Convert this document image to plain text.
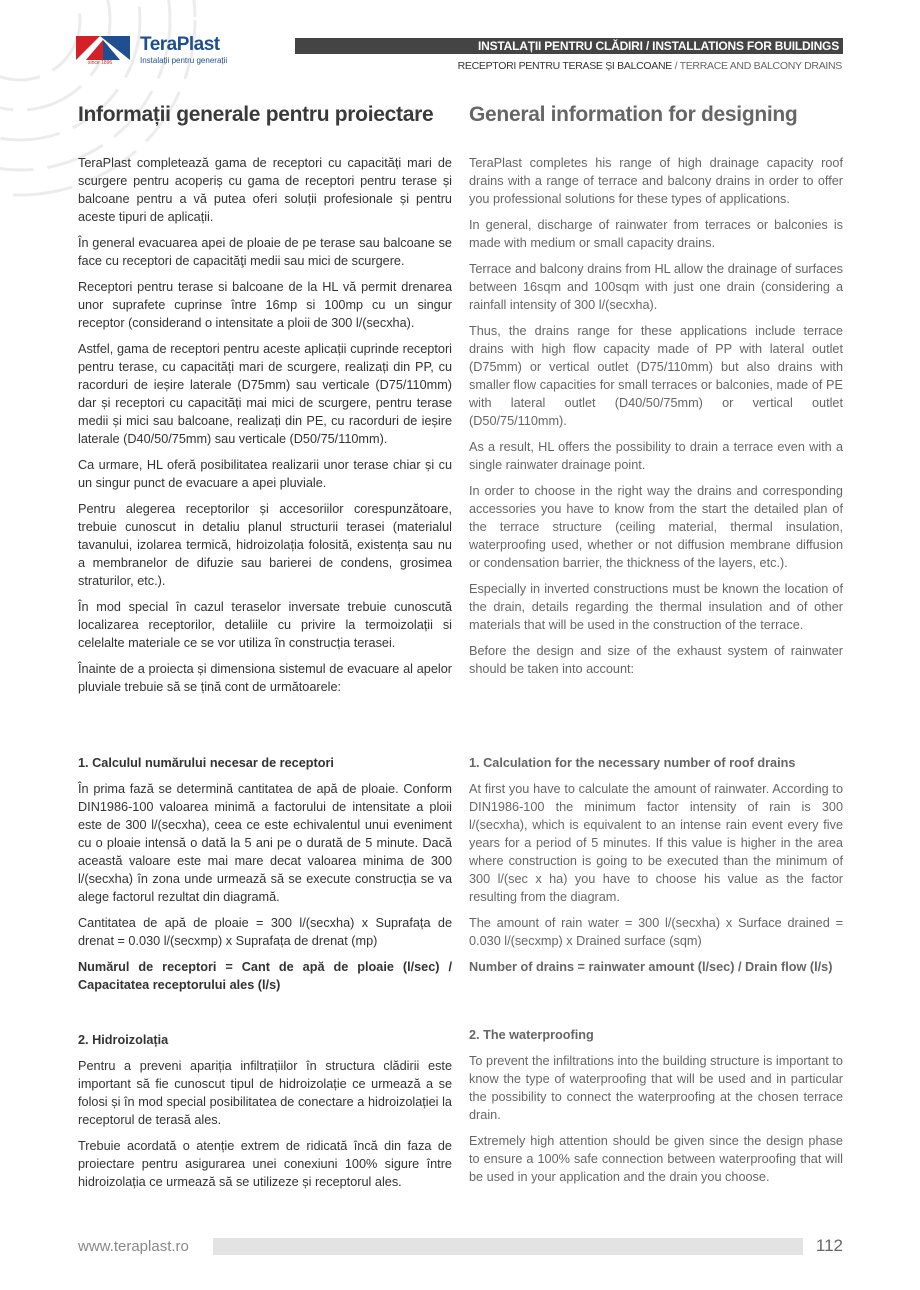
TeraPlast
Instalații pentru generații
since 1896
INSTALAȚII PENTRU CLĂDIRI / INSTALLATIONS FOR BUILDINGS
RECEPTORI PENTRU TERASE ȘI BALCOANE / TERRACE AND BALCONY DRAINS
Informații generale pentru proiectare	General information for designing

TeraPlast completează gama de receptori cu capacități mari de scurgere pentru acoperiș cu gama de receptori pentru terase și balcoane pentru a vă putea oferi soluții profesionale și pentru aceste tipuri de aplicații.

În general evacuarea apei de ploaie de pe terase sau balcoane se face cu receptori de capacităţi medii sau mici de scurgere.

Receptori pentru terase si balcoane de la HL vă permit drenarea unor suprafete cuprinse între 16mp si 100mp cu un singur receptor (considerand o intensitate a ploii de 300 l/(secxha).

Astfel, gama de receptori pentru aceste aplicații cuprinde receptori pentru terase, cu capacități mari de scurgere, realizați din PP, cu racorduri de ieșire laterale (D75mm) sau verticale (D75/110mm) dar și receptori cu capacități mai mici de scurgere, pentru terase medii și mici sau balcoane, realizați din PE, cu racorduri de ieșire laterale (D40/50/75mm) sau verticale (D50/75/110mm).

Ca urmare, HL oferă posibilitatea realizarii unor terase chiar și cu un singur punct de evacuare a apei pluviale.

Pentru alegerea receptorilor și accesoriilor corespunzătoare, trebuie cunoscut in detaliu planul structurii terasei (materialul tavanului, izolarea termică, hidroizolația folosită, existența sau nu a membranelor de difuzie sau barierei de condens, grosimea straturilor, etc.).

În mod special în cazul teraselor inversate trebuie cunoscută localizarea receptorilor, detaliile cu privire la termoizolații si celelalte materiale ce se vor utiliza în construcția terasei.

Înainte de a proiecta și dimensiona sistemul de evacuare al apelor pluviale trebuie să se țină cont de următoarele:

TeraPlast completes his range of high drainage capacity roof drains with a range of terrace and balcony drains in order to offer you professional solutions for these types of applications.

In general, discharge of rainwater from terraces or balconies is made with medium or small capacity drains.

Terrace and balcony drains from HL allow the drainage of surfaces between 16sqm and 100sqm with just one drain (considering a rainfall intensity of 300 l/(secxha).

Thus, the drains range for these applications include terrace drains with high flow capacity made of PP with lateral outlet (D75mm) or vertical outlet (D75/110mm) but also drains with smaller flow capacities for small terraces or balconies, made of PE with lateral outlet (D40/50/75mm) or vertical outlet (D50/75/110mm).

As a result, HL offers the possibility to drain a terrace even with a single rainwater drainage point.

In order to choose in the right way the drains and corresponding accessories you have to know from the start the detailed plan of the terrace structure (ceiling material, thermal insulation, waterproofing used, whether or not diffusion membrane diffusion or condensation barrier, the thickness of the layers, etc.).

Especially in inverted constructions must be known the location of the drain, details regarding the thermal insulation and of other materials that will be used in the construction of the terrace.

Before the design and size of the exhaust system of rainwater should be taken into account:

1. Calculul numărului necesar de receptori

În prima fază se determină cantitatea de apă de ploaie. Conform DIN1986-100 valoarea minimă a factorului de intensitate a ploii este de 300 l/(secxha), ceea ce este echivalentul unui eveniment cu o ploaie intensă o dată la 5 ani pe o durată de 5 minute. Dacă această valoare este mai mare decat valoarea minima de 300 l/(secxha) în zona unde urmează să se execute construcția se va alege factorul rezultat din diagramă.

Cantitatea de apă de ploaie = 300 l/(secxha) x Suprafața de drenat = 0.030 l/(secxmp) x Suprafața de drenat (mp)

Numărul de receptori = Cant de apă de ploaie (l/sec) / Capacitatea receptorului ales (l/s)

1. Calculation for the necessary number of roof drains

At first you have to calculate the amount of rainwater. According to DIN1986-100 the minimum factor intensity of rain is 300 l/(secxha), which is equivalent to an intense rain event every five years for a period of 5 minutes. If this value is higher in the area where construction is going to be executed than the minimum of 300 l/(sec x ha) you have to choose his value as the factor resulting from the diagram.

The amount of rain water = 300 l/(secxha) x Surface drained = 0.030 l/(secxmp) x Drained surface (sqm)

Number of drains = rainwater amount (l/sec) / Drain flow (l/s)

2. Hidroizolația

Pentru a preveni apariția infiltrațiilor în structura clădirii este important să fie cunoscut tipul de hidroizolație ce urmează a se folosi și în mod special posibilitatea de conectare a hidroizolației la receptorul de terasă ales.

Trebuie acordată o atenție extrem de ridicată încă din faza de proiectare pentru asigurarea unei conexiuni 100% sigure între hidroizolația ce urmează să se utilizeze și receptorul ales.

2. The waterproofing

To prevent the infiltrations into the building structure is important to know the type of waterproofing that will be used and in particular the possibility to connect the waterproofing at the chosen terrace drain.

Extremely high attention should be given since the design phase to ensure a 100% safe connection between waterproofing that will be used in your application and the drain you choose.

www.teraplast.ro	112
